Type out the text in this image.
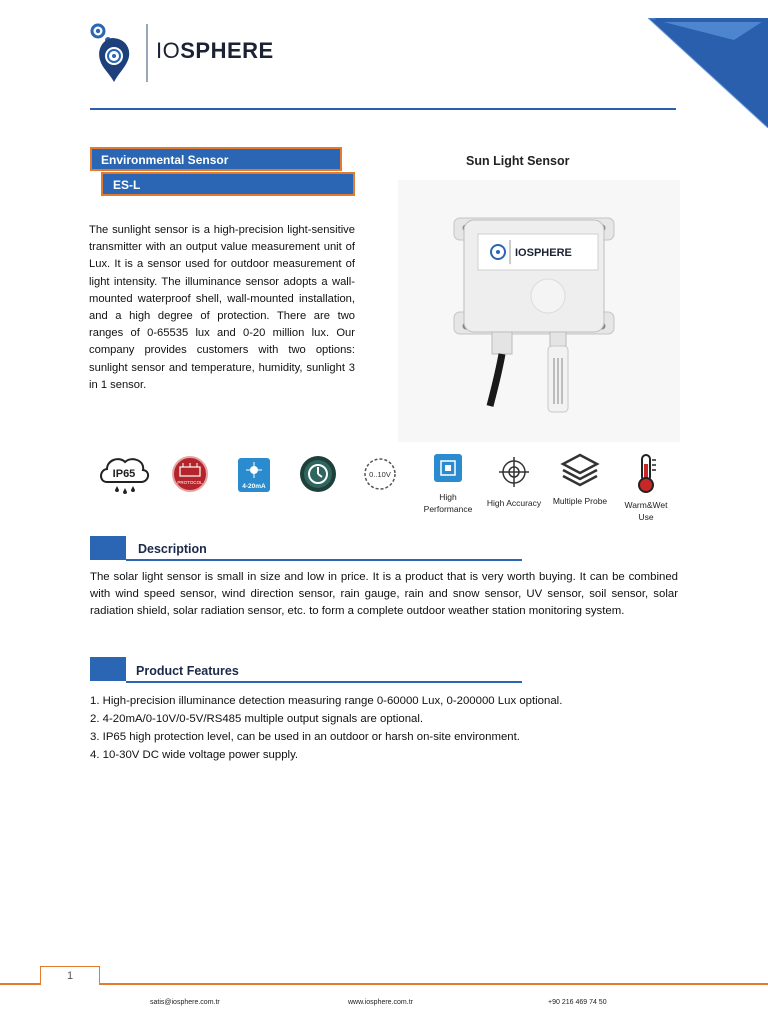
IOSPHERE
Environmental Sensor
ES-L
The sunlight sensor is a high-precision light-sensitive transmitter with an output value measurement unit of Lux. It is a sensor used for outdoor measurement of light intensity. The illuminance sensor adopts a wall-mounted waterproof shell, wall-mounted installation, and a high degree of protection. There are two ranges of 0-65535 lux and 0-20 million lux. Our company provides customers with two options: sunlight sensor and temperature, humidity, sunlight 3 in 1 sensor.
Sun Light Sensor
IOSPHERE
IP65
PROTOCOL
4-20mA
0..10V
High Performance
High Accuracy	Multiple Probe	Warm&Wet Use
Description
The solar light sensor is small in size and low in price. It is a product that is very worth buying. It can be combined with wind speed sensor, wind direction sensor, rain gauge, rain and snow sensor, UV sensor, soil sensor, solar radiation shield, solar radiation sensor, etc. to form a complete outdoor weather station monitoring system.
Product Features
1. High-precision illuminance detection measuring range 0-60000 Lux, 0-200000 Lux optional.
2. 4-20mA/0-10V/0-5V/RS485 multiple output signals are optional.
3. IP65 high protection level, can be used in an outdoor or harsh on-site environment.
4. 10-30V DC wide voltage power supply.
1
satis@iosphere.com.tr	www.iosphere.com.tr	+90 216 469 74 50
